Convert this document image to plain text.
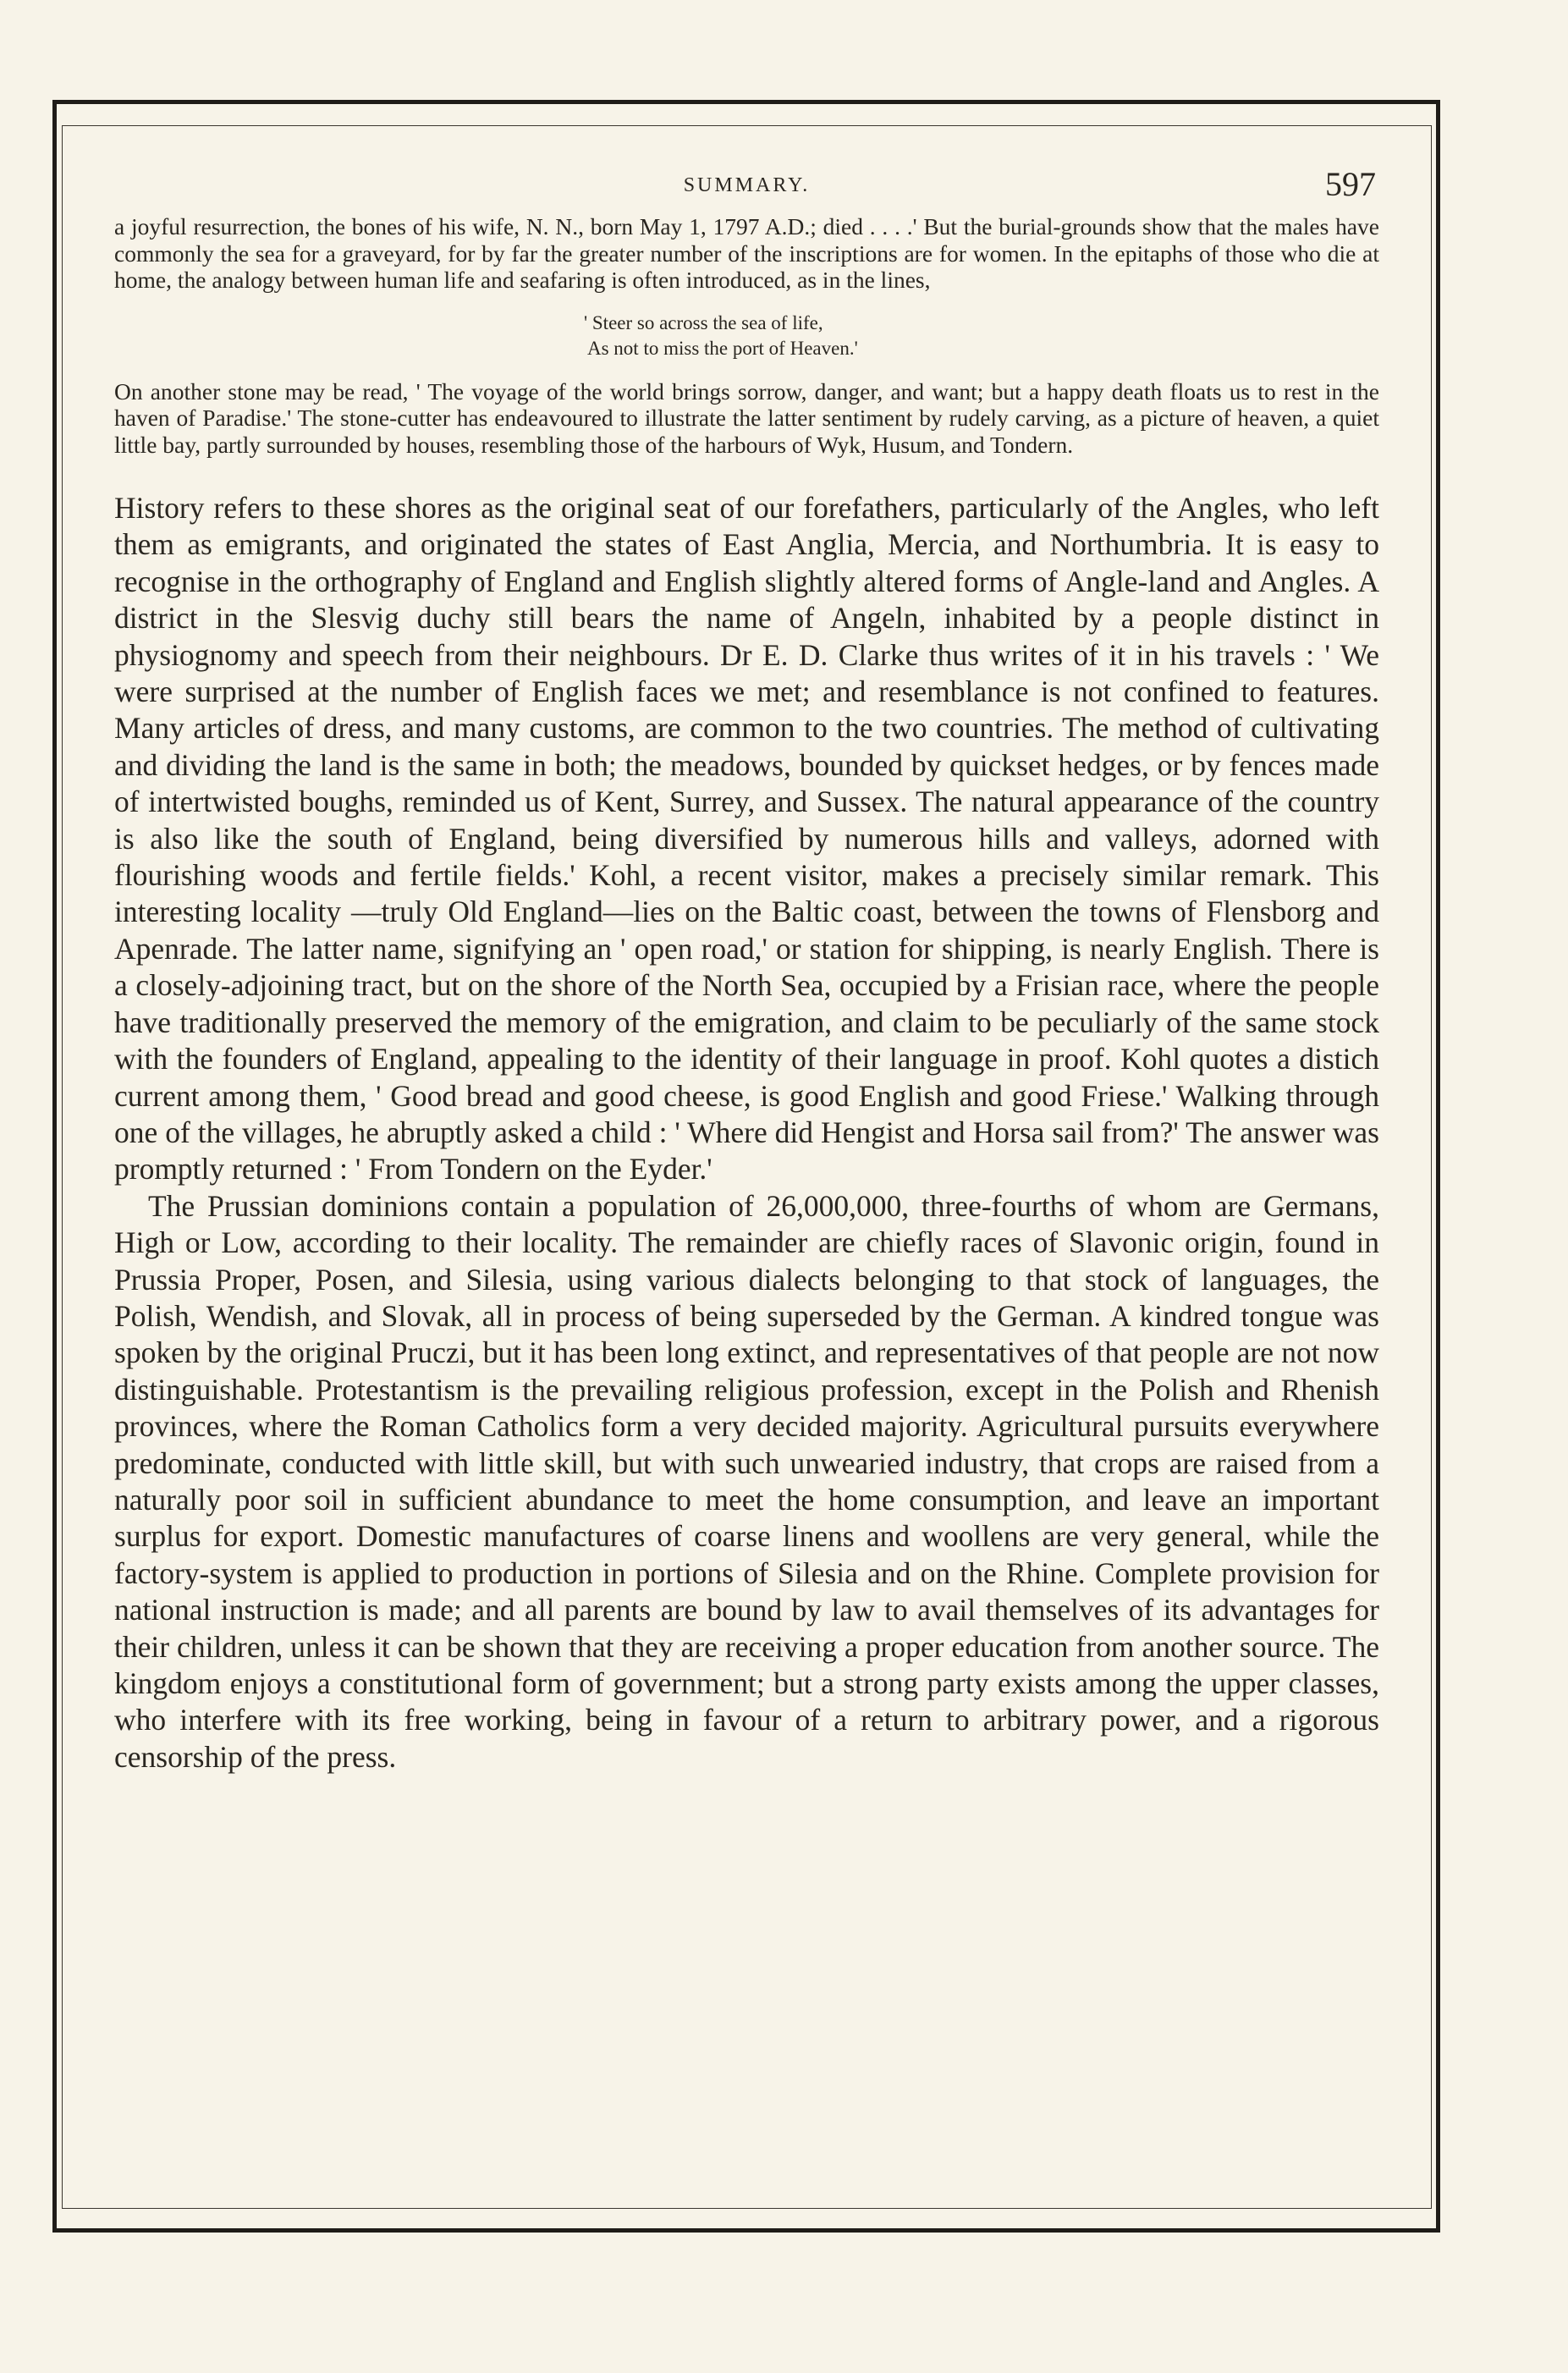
SUMMARY.	597

a joyful resurrection, the bones of his wife, N. N., born May 1, 1797 A.D.; died . . . .' But the burial-grounds show that the males have commonly the sea for a graveyard, for by far the greater number of the inscriptions are for women. In the epitaphs of those who die at home, the analogy between human life and seafaring is often introduced, as in the lines,

' Steer so across the sea of life,
As not to miss the port of Heaven.'

On another stone may be read, ' The voyage of the world brings sorrow, danger, and want; but a happy death floats us to rest in the haven of Paradise.' The stone-cutter has endeavoured to illustrate the latter sentiment by rudely carving, as a picture of heaven, a quiet little bay, partly surrounded by houses, resembling those of the harbours of Wyk, Husum, and Tondern.

History refers to these shores as the original seat of our forefathers, particularly of the Angles, who left them as emigrants, and originated the states of East Anglia, Mercia, and Northumbria. It is easy to recognise in the orthography of England and English slightly altered forms of Angle-land and Angles. A district in the Slesvig duchy still bears the name of Angeln, inhabited by a people distinct in physiognomy and speech from their neighbours. Dr E. D. Clarke thus writes of it in his travels : ' We were surprised at the number of English faces we met; and resemblance is not confined to features. Many articles of dress, and many customs, are common to the two countries. The method of cultivating and dividing the land is the same in both; the meadows, bounded by quickset hedges, or by fences made of intertwisted boughs, reminded us of Kent, Surrey, and Sussex. The natural appearance of the country is also like the south of England, being diversified by numerous hills and valleys, adorned with flourishing woods and fertile fields.' Kohl, a recent visitor, makes a precisely similar remark. This interesting locality —truly Old England—lies on the Baltic coast, between the towns of Flensborg and Apenrade. The latter name, signifying an ' open road,' or station for shipping, is nearly English. There is a closely-adjoining tract, but on the shore of the North Sea, occupied by a Frisian race, where the people have traditionally preserved the memory of the emigration, and claim to be peculiarly of the same stock with the founders of England, appealing to the identity of their language in proof. Kohl quotes a distich current among them, ' Good bread and good cheese, is good English and good Friese.' Walking through one of the villages, he abruptly asked a child : ' Where did Hengist and Horsa sail from?' The answer was promptly returned : ' From Tondern on the Eyder.'

The Prussian dominions contain a population of 26,000,000, three-fourths of whom are Germans, High or Low, according to their locality. The remainder are chiefly races of Slavonic origin, found in Prussia Proper, Posen, and Silesia, using various dialects belonging to that stock of languages, the Polish, Wendish, and Slovak, all in process of being superseded by the German. A kindred tongue was spoken by the original Pruczi, but it has been long extinct, and representatives of that people are not now distinguishable. Protestantism is the prevailing religious profession, except in the Polish and Rhenish provinces, where the Roman Catholics form a very decided majority. Agricultural pursuits everywhere predominate, conducted with little skill, but with such unwearied industry, that crops are raised from a naturally poor soil in sufficient abundance to meet the home consumption, and leave an important surplus for export. Domestic manufactures of coarse linens and woollens are very general, while the factory-system is applied to production in portions of Silesia and on the Rhine. Complete provision for national instruction is made; and all parents are bound by law to avail themselves of its advantages for their children, unless it can be shown that they are receiving a proper education from another source. The kingdom enjoys a constitutional form of government; but a strong party exists among the upper classes, who interfere with its free working, being in favour of a return to arbitrary power, and a rigorous censorship of the press.
